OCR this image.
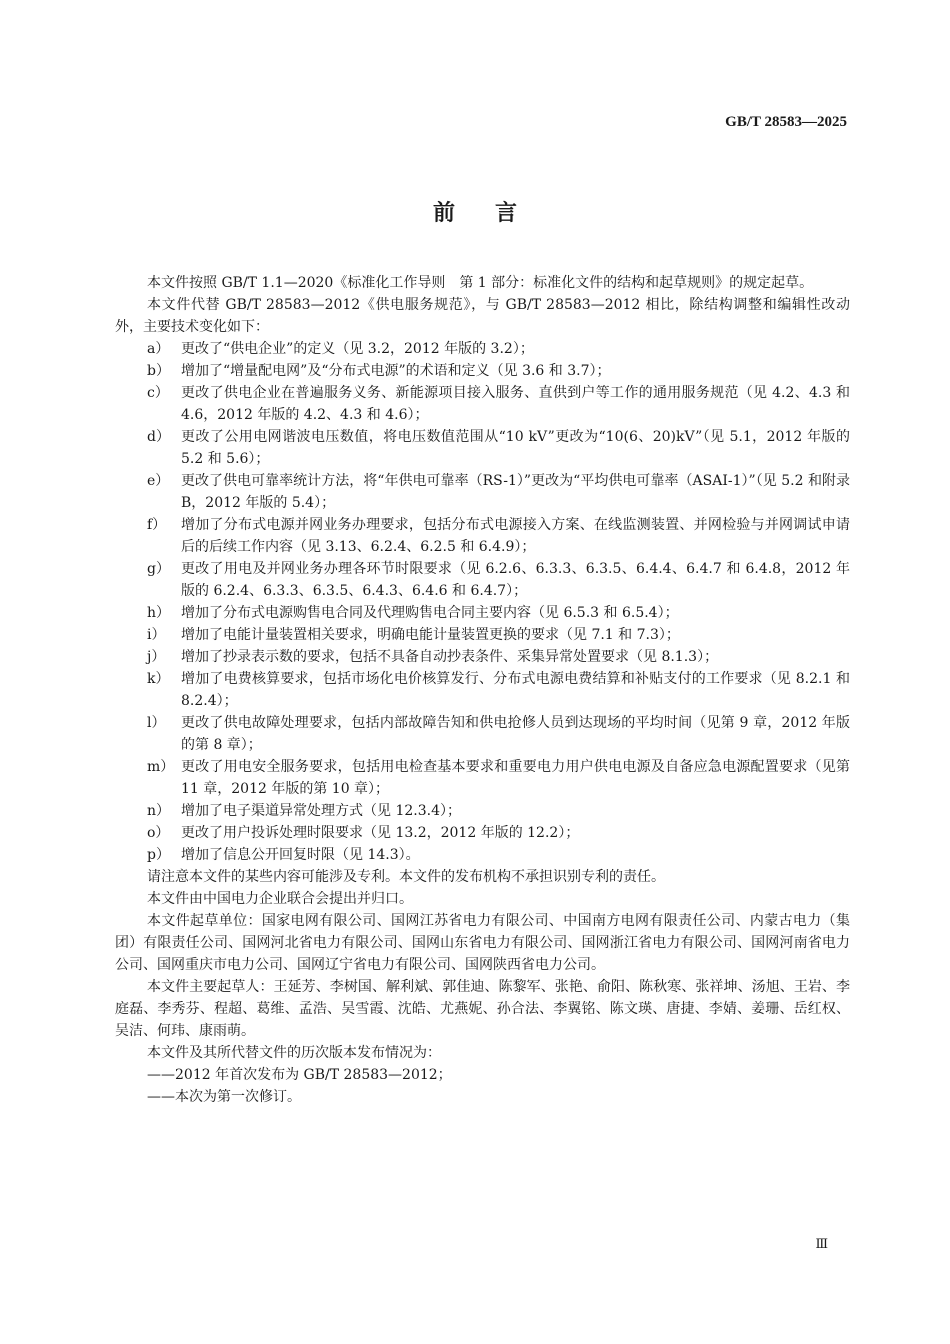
GB/T 28583—2025
前言

本文件按照 GB/T 1.1—2020《标准化工作导则　第 1 部分：标准化文件的结构和起草规则》的规定起草。

本文件代替 GB/T 28583—2012《供电服务规范》，与 GB/T 28583—2012 相比，除结构调整和编辑性改动外，主要技术变化如下：

a） 更改了“供电企业”的定义（见 3.2，2012 年版的 3.2）；
b） 增加了“增量配电网”及“分布式电源”的术语和定义（见 3.6 和 3.7）；
c） 更改了供电企业在普遍服务义务、新能源项目接入服务、直供到户等工作的通用服务规范（见 4.2、4.3 和 4.6，2012 年版的 4.2、4.3 和 4.6）；
d） 更改了公用电网谐波电压数值，将电压数值范围从“10 kV”更改为“10(6、20)kV”（见 5.1，2012 年版的 5.2 和 5.6）；
e） 更改了供电可靠率统计方法，将“年供电可靠率（RS-1）”更改为“平均供电可靠率（ASAI-1）”（见 5.2 和附录 B，2012 年版的 5.4）；
f）	增加了分布式电源并网业务办理要求，包括分布式电源接入方案、在线监测装置、并网检验与并网调试申请后的后续工作内容（见 3.13、6.2.4、6.2.5 和 6.4.9）；
g） 更改了用电及并网业务办理各环节时限要求（见 6.2.6、6.3.3、6.3.5、6.4.4、6.4.7 和 6.4.8，2012 年版的 6.2.4、6.3.3、6.3.5、6.4.3、6.4.6 和 6.4.7）；
h） 增加了分布式电源购售电合同及代理购售电合同主要内容（见 6.5.3 和 6.5.4）；
i）	增加了电能计量装置相关要求，明确电能计量装置更换的要求（见 7.1 和 7.3）；
j）	增加了抄录表示数的要求，包括不具备自动抄表条件、采集异常处置要求（见 8.1.3）；
k） 增加了电费核算要求，包括市场化电价核算发行、分布式电源电费结算和补贴支付的工作要求（见 8.2.1 和 8.2.4）；
l）	更改了供电故障处理要求，包括内部故障告知和供电抢修人员到达现场的平均时间（见第 9 章，2012 年版的第 8 章）；
m） 更改了用电安全服务要求，包括用电检查基本要求和重要电力用户供电电源及自备应急电源配置要求（见第 11 章，2012 年版的第 10 章）；
n） 增加了电子渠道异常处理方式（见 12.3.4）；
o） 更改了用户投诉处理时限要求（见 13.2，2012 年版的 12.2）；
p） 增加了信息公开回复时限（见 14.3）。

请注意本文件的某些内容可能涉及专利。本文件的发布机构不承担识别专利的责任。

本文件由中国电力企业联合会提出并归口。

本文件起草单位：国家电网有限公司、国网江苏省电力有限公司、中国南方电网有限责任公司、内蒙古电力（集团）有限责任公司、国网河北省电力有限公司、国网山东省电力有限公司、国网浙江省电力有限公司、国网河南省电力公司、国网重庆市电力公司、国网辽宁省电力有限公司、国网陕西省电力公司。

本文件主要起草人：王延芳、李树国、解利斌、郭佳迪、陈黎军、张艳、俞阳、陈秋寒、张祥坤、汤旭、王岩、李庭磊、李秀芬、程超、葛维、孟浩、吴雪霞、沈皓、尤燕妮、孙合法、李翼铭、陈文瑛、唐捷、李婧、姜珊、岳红权、吴洁、何玮、康雨萌。

本文件及其所代替文件的历次版本发布情况为：

——2012 年首次发布为 GB/T 28583—2012；

——本次为第一次修订。

Ⅲ
